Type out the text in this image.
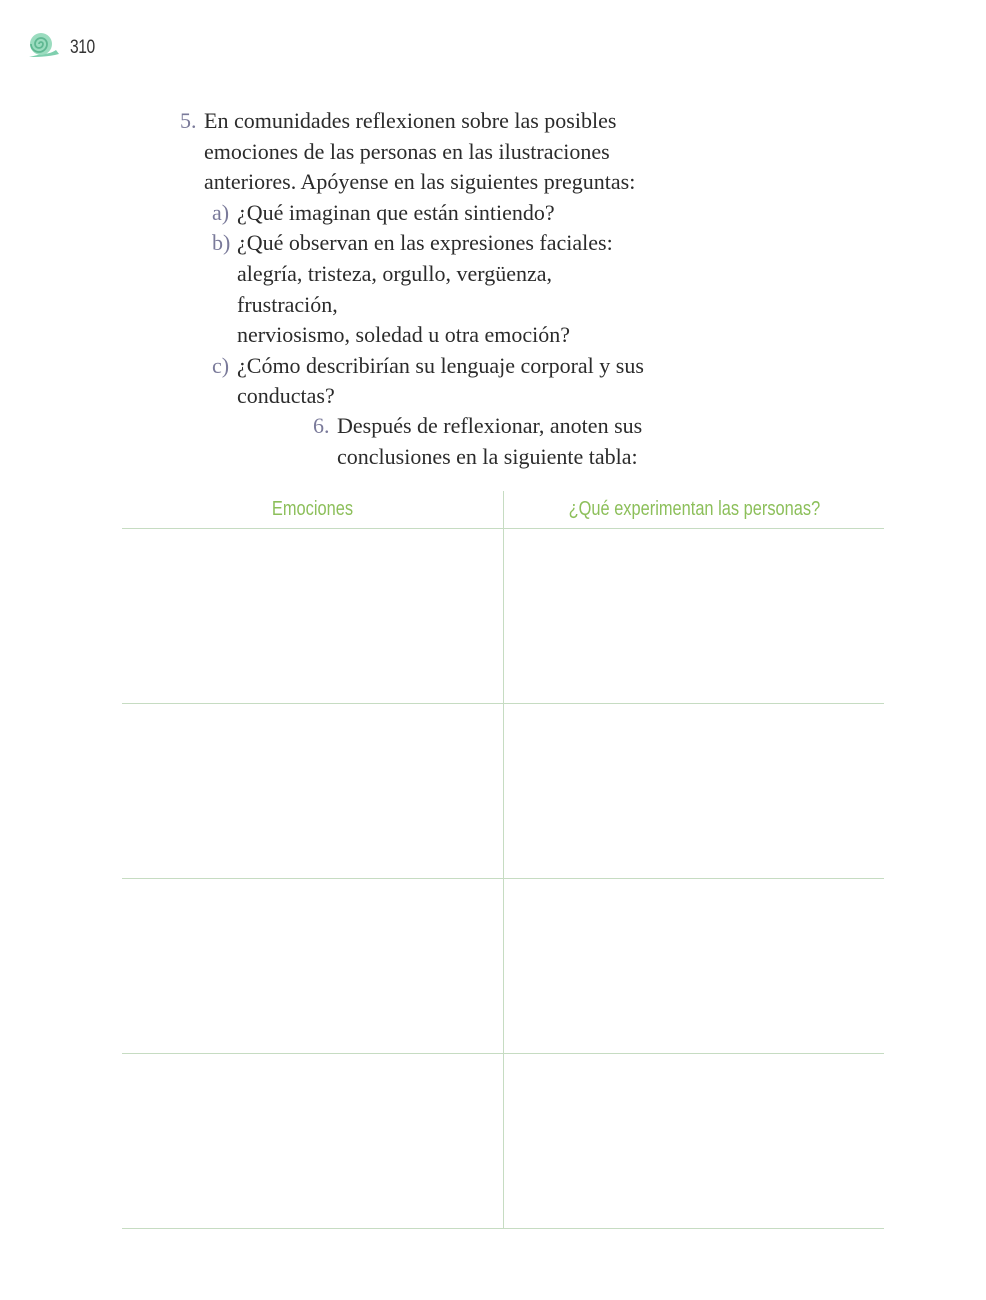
310
5. En comunidades reflexionen sobre las posibles
emociones de las personas en las ilustraciones
anteriores. Apóyense en las siguientes preguntas:
a) ¿Qué imaginan que están sintiendo?
b) ¿Qué observan en las expresiones faciales:
alegría, tristeza, orgullo, vergüenza, frustración,
nerviosismo, soledad u otra emoción?
c) ¿Cómo describirían su lenguaje corporal y sus
conductas?
6. Después de reflexionar, anoten sus
conclusiones en la siguiente tabla:
Emociones	¿Qué experimentan las personas?
